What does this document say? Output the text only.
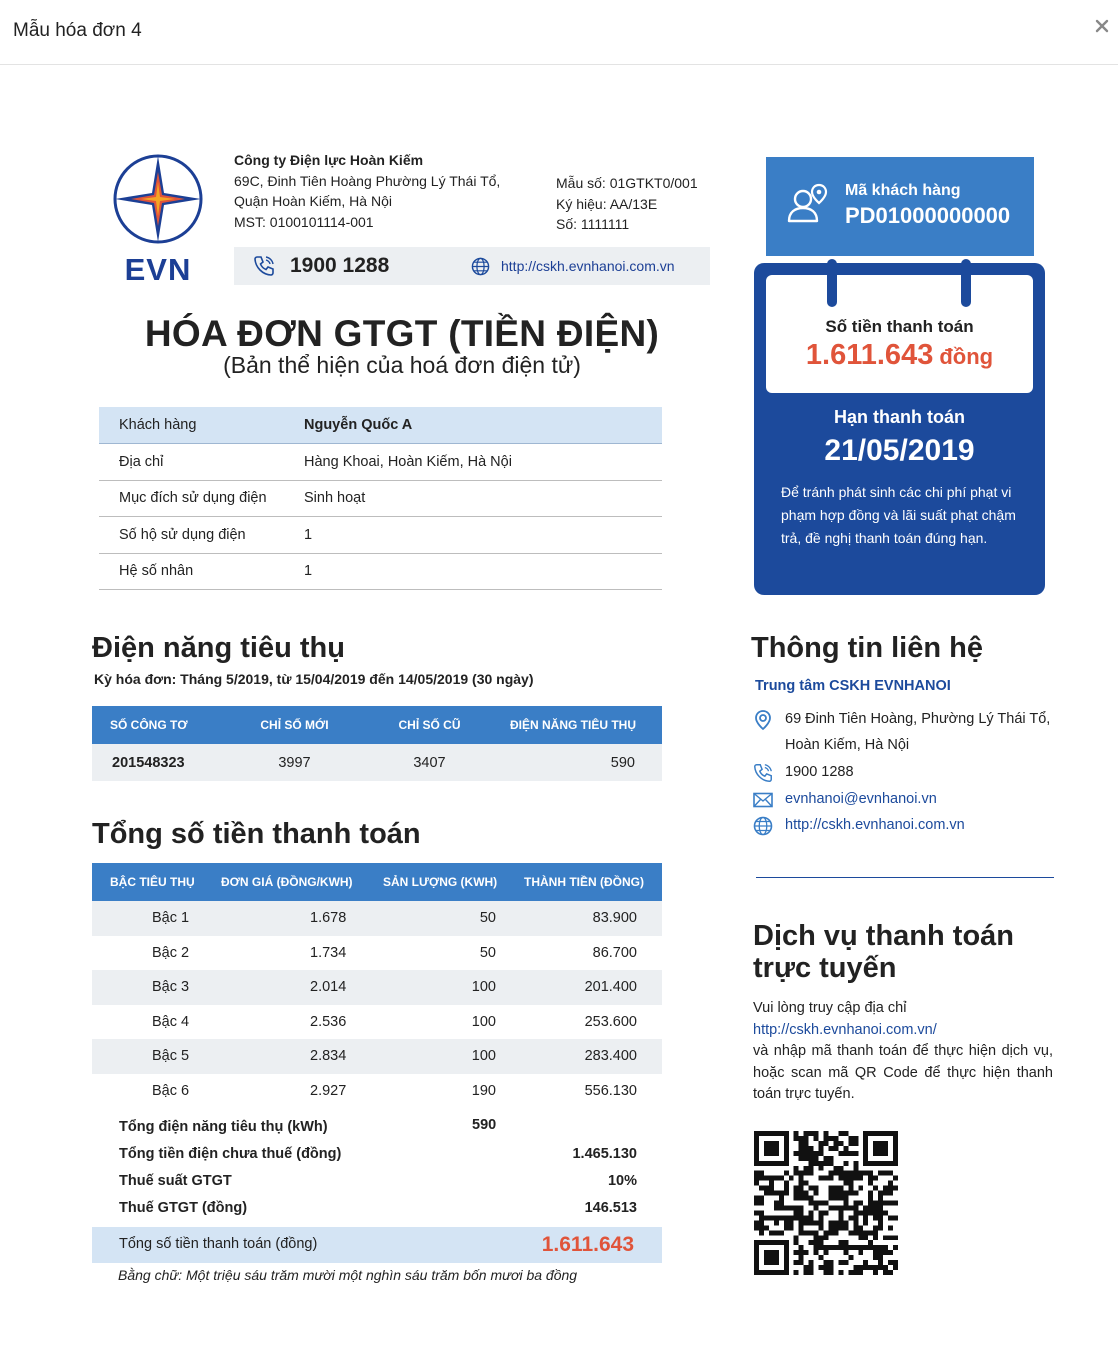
Mẫu hóa đơn 4
EVN
Công ty Điện lực Hoàn Kiếm
69C, Đinh Tiên Hoàng Phường Lý Thái Tổ,
Quận Hoàn Kiếm, Hà Nội
MST: 0100101114-001
Mẫu số: 01GTKT0/001
Ký hiệu: AA/13E
Số: 1111111
1900 1288	http://cskh.evnhanoi.com.vn
HÓA ĐƠN GTGT (TIỀN ĐIỆN)
(Bản thể hiện của hoá đơn điện tử)
Khách hàng	Nguyễn Quốc A
Địa chỉ	Hàng Khoai, Hoàn Kiếm, Hà Nội
Mục đích sử dụng điện	Sinh hoạt
Số hộ sử dụng điện	1
Hệ số nhân	1
Điện năng tiêu thụ
Kỳ hóa đơn: Tháng 5/2019, từ 15/04/2019 đến 14/05/2019 (30 ngày)
SỐ CÔNG TƠ	CHỈ SỐ MỚI	CHỈ SỐ CŨ	ĐIỆN NĂNG TIÊU THỤ
201548323	3997	3407	590
Tổng số tiền thanh toán
BẬC TIÊU THỤ	ĐƠN GIÁ (ĐỒNG/KWH)	SẢN LƯỢNG (KWH)	THÀNH TIỀN (ĐỒNG)
Bậc 1	1.678	50	83.900
Bậc 2	1.734	50	86.700
Bậc 3	2.014	100	201.400
Bậc 4	2.536	100	253.600
Bậc 5	2.834	100	283.400
Bậc 6	2.927	190	556.130
Tổng điện năng tiêu thụ (kWh)	590
Tổng tiền điện chưa thuế (đồng)	1.465.130
Thuế suất GTGT	10%
Thuế GTGT (đồng)	146.513
Tổng số tiền thanh toán (đồng)	1.611.643
Bằng chữ: Một triệu sáu trăm mười một nghìn sáu trăm bốn mươi ba đồng
Mã khách hàng
PD01000000000
Số tiền thanh toán
1.611.643 đồng
Hạn thanh toán
21/05/2019
Để tránh phát sinh các chi phí phạt vi phạm hợp đồng và lãi suất phạt chậm trả, đề nghị thanh toán đúng hạn.
Thông tin liên hệ
Trung tâm CSKH EVNHANOI
69 Đinh Tiên Hoàng, Phường Lý Thái Tổ,
Hoàn Kiếm, Hà Nội
1900 1288
evnhanoi@evnhanoi.vn
http://cskh.evnhanoi.com.vn
Dịch vụ thanh toán
trực tuyến
Vui lòng truy cập địa chỉ
http://cskh.evnhanoi.com.vn/
và nhập mã thanh toán để thực hiện dịch vụ, hoặc scan mã QR Code để thực hiện thanh toán trực tuyến.
